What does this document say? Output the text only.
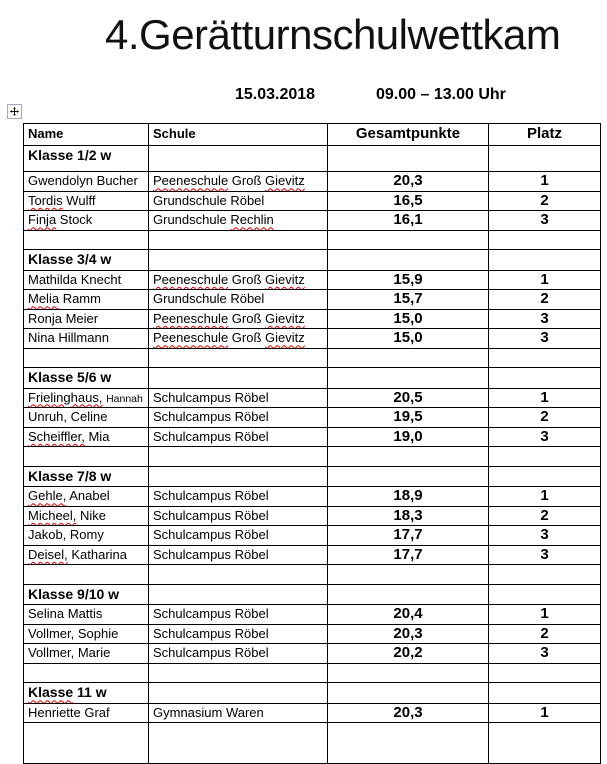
4.Gerätturnschulwettkam
15.03.2018	09.00 – 13.00 Uhr
Name	Schule	Gesamtpunkte	Platz
Klasse 1/2 w			
Gwendolyn Bucher	Peeneschule Groß Gievitz	20,3	1
Tordis Wulff	Grundschule Röbel	16,5	2
Finja Stock	Grundschule Rechlin	16,1	3

Klasse 3/4 w			
Mathilda Knecht	Peeneschule Groß Gievitz	15,9	1
Melia Ramm	Grundschule Röbel	15,7	2
Ronja Meier	Peeneschule Groß Gievitz	15,0	3
Nina Hillmann	Peeneschule Groß Gievitz	15,0	3

Klasse 5/6 w			
Frielinghaus, Hannah	Schulcampus Röbel	20,5	1
Unruh, Celine	Schulcampus Röbel	19,5	2
Scheiffler, Mia	Schulcampus Röbel	19,0	3

Klasse 7/8 w			
Gehle, Anabel	Schulcampus Röbel	18,9	1
Micheel, Nike	Schulcampus Röbel	18,3	2
Jakob, Romy	Schulcampus Röbel	17,7	3
Deisel, Katharina	Schulcampus Röbel	17,7	3

Klasse 9/10 w			
Selina Mattis	Schulcampus Röbel	20,4	1
Vollmer, Sophie	Schulcampus Röbel	20,3	2
Vollmer, Marie	Schulcampus Röbel	20,2	3

Klasse 11 w			
Henriette Graf	Gymnasium Waren	20,3	1
